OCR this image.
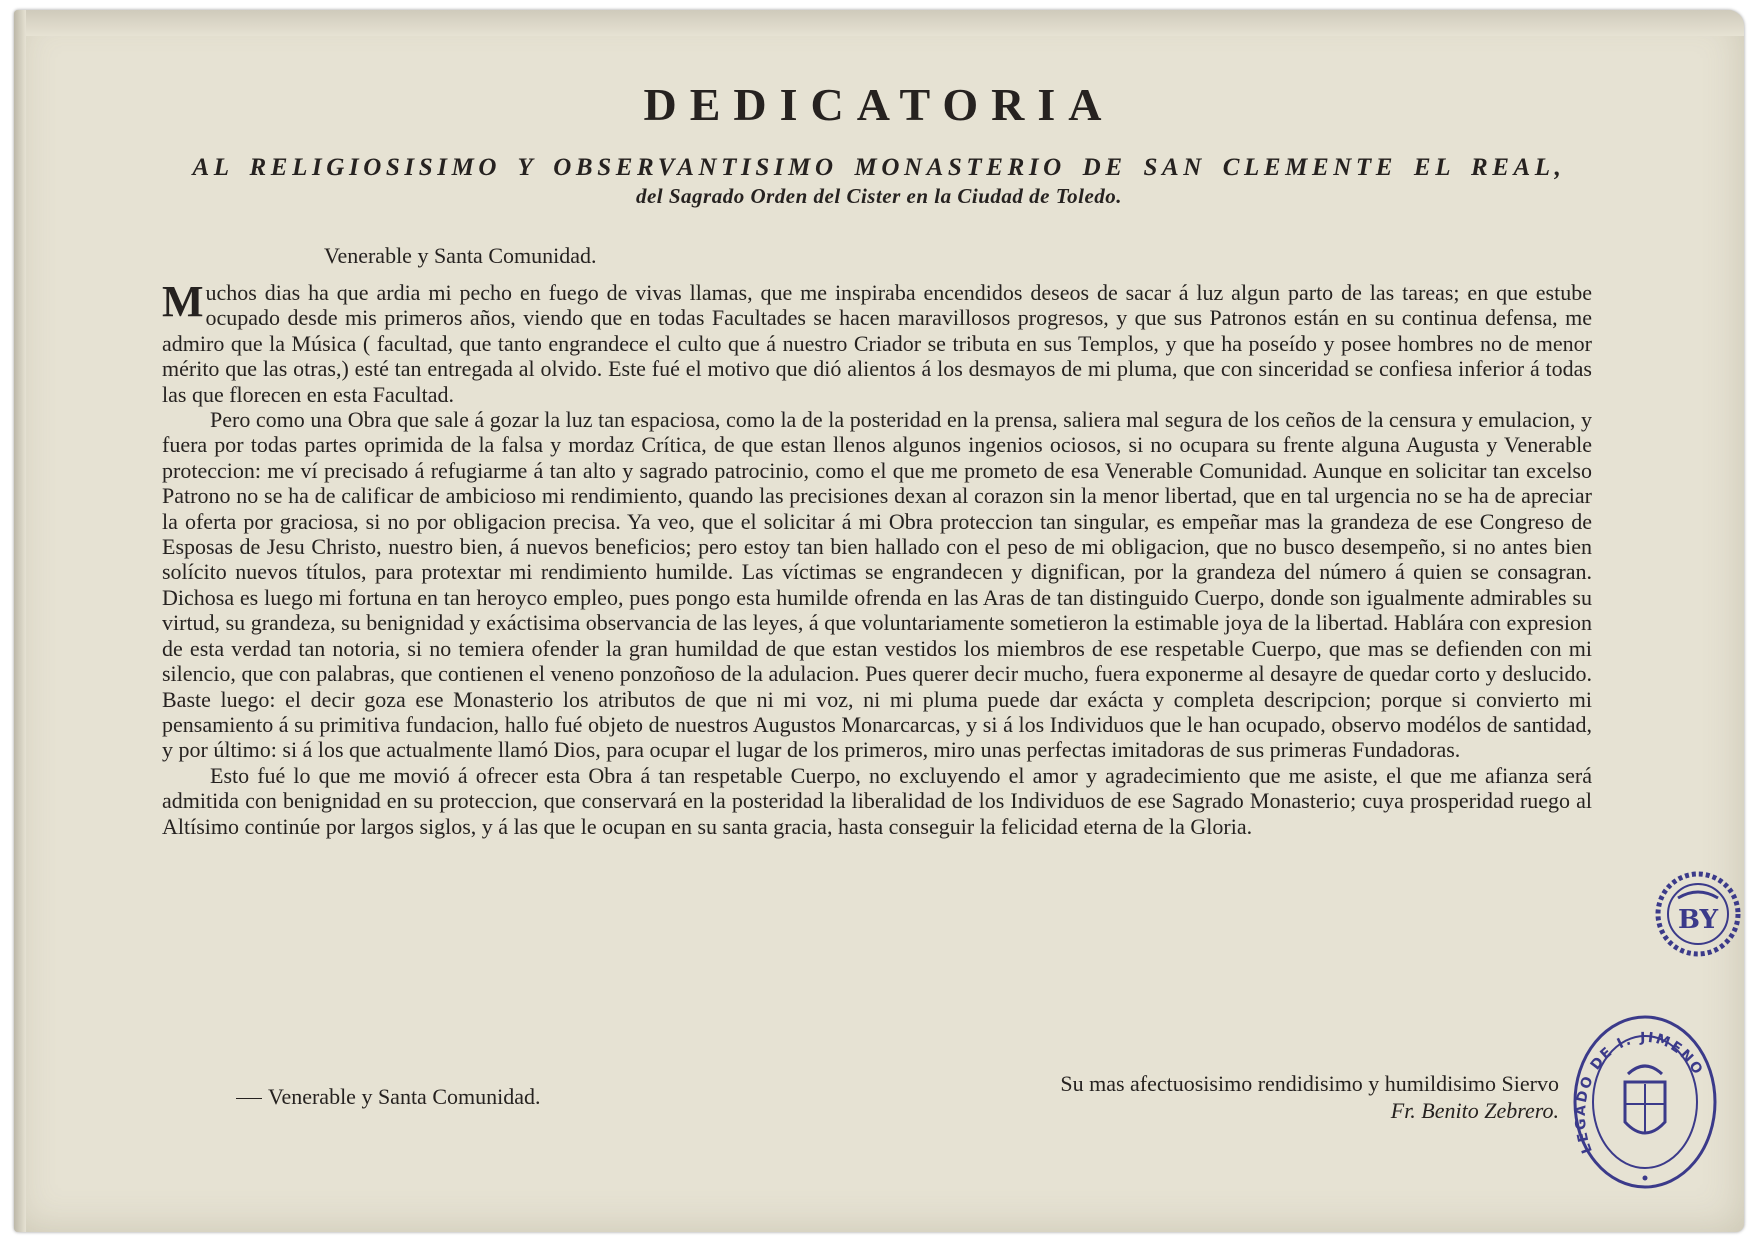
DEDICATORIA
AL RELIGIOSISIMO Y OBSERVANTISIMO MONASTERIO DE SAN CLEMENTE EL REAL,
del Sagrado Orden del Cister en la Ciudad de Toledo.
Venerable y Santa Comunidad.

Muchos dias ha que ardia mi pecho en fuego de vivas llamas, que me inspiraba encendidos deseos de sacar á luz algun parto de las tareas; en que estube ocupado desde mis primeros años, viendo que en todas Facultades se hacen maravillosos progresos, y que sus Patronos están en su continua defensa, me admiro que la Música ( facultad, que tanto engrandece el culto que á nuestro Criador se tributa en sus Templos, y que ha poseído y posee hombres no de menor mérito que las otras,) esté tan entregada al olvido. Este fué el motivo que dió alientos á los desmayos de mi pluma, que con sinceridad se confiesa inferior á todas las que florecen en esta Facultad.

Pero como una Obra que sale á gozar la luz tan espaciosa, como la de la posteridad en la prensa, saliera mal segura de los ceños de la censura y emulacion, y fuera por todas partes oprimida de la falsa y mordaz Crítica, de que estan llenos algunos ingenios ociosos, si no ocupara su frente alguna Augusta y Venerable proteccion: me ví precisado á refugiarme á tan alto y sagrado patrocinio, como el que me prometo de esa Venerable Comunidad. Aunque en solicitar tan excelso Patrono no se ha de calificar de ambicioso mi rendimiento, quando las precisiones dexan al corazon sin la menor libertad, que en tal urgencia no se ha de apreciar la oferta por graciosa, si no por obligacion precisa. Ya veo, que el solicitar á mi Obra proteccion tan singular, es empeñar mas la grandeza de ese Congreso de Esposas de Jesu Christo, nuestro bien, á nuevos beneficios; pero estoy tan bien hallado con el peso de mi obligacion, que no busco desempeño, si no antes bien solícito nuevos títulos, para protextar mi rendimiento humilde. Las víctimas se engrandecen y dignifican, por la grandeza del número á quien se consagran. Dichosa es luego mi fortuna en tan heroyco empleo, pues pongo esta humilde ofrenda en las Aras de tan distinguido Cuerpo, donde son igualmente admirables su virtud, su grandeza, su benignidad y exáctisima observancia de las leyes, á que voluntariamente sometieron la estimable joya de la libertad. Hablára con expresion de esta verdad tan notoria, si no temiera ofender la gran humildad de que estan vestidos los miembros de ese respetable Cuerpo, que mas se defienden con mi silencio, que con palabras, que contienen el veneno ponzoñoso de la adulacion. Pues querer decir mucho, fuera exponerme al desayre de quedar corto y deslucido. Baste luego: el decir goza ese Monasterio los atributos de que ni mi voz, ni mi pluma puede dar exácta y completa descripcion; porque si convierto mi pensamiento á su primitiva fundacion, hallo fué objeto de nuestros Augustos Monarcarcas, y si á los Individuos que le han ocupado, observo modélos de santidad, y por último: si á los que actualmente llamó Dios, para ocupar el lugar de los primeros, miro unas perfectas imitadoras de sus primeras Fundadoras.

Esto fué lo que me movió á ofrecer esta Obra á tan respetable Cuerpo, no excluyendo el amor y agradecimiento que me asiste, el que me afianza será admitida con benignidad en su proteccion, que conservará en la posteridad la liberalidad de los Individuos de ese Sagrado Monasterio; cuya prosperidad ruego al Altísimo continúe por largos siglos, y á las que le ocupan en su santa gracia, hasta conseguir la felicidad eterna de la Gloria.

Venerable y Santa Comunidad.
Su mas afectuosisimo rendidisimo y humildisimo Siervo
Fr. Benito Zebrero.
BY
LEGADO DE I. JIMENO
